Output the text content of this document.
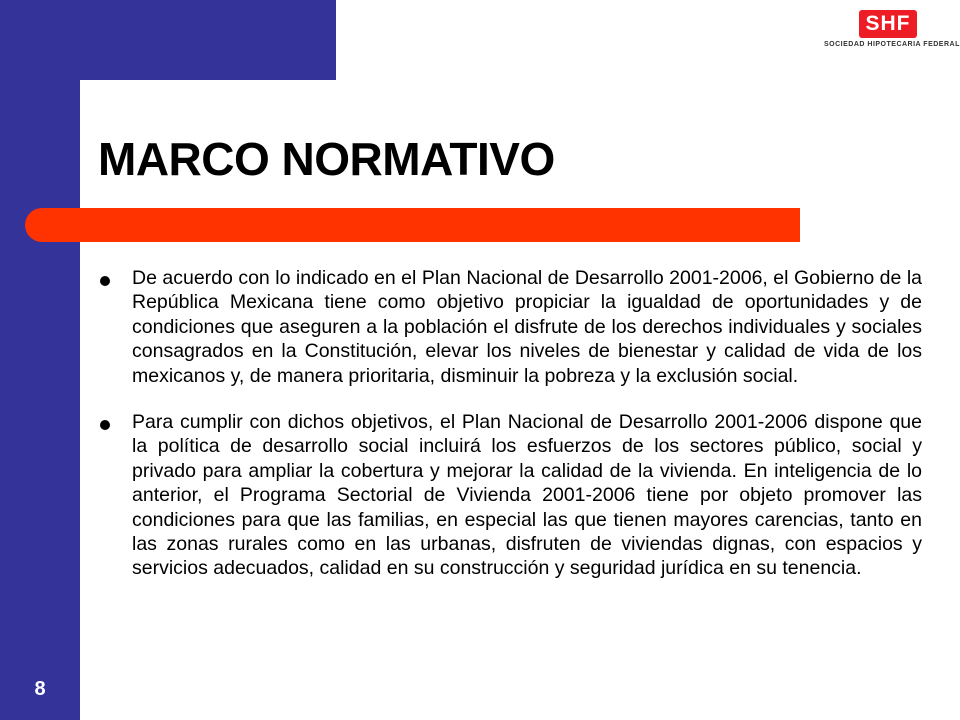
SHF
SOCIEDAD HIPOTECARIA FEDERAL
MARCO NORMATIVO

De acuerdo con lo indicado en el Plan Nacional de Desarrollo 2001-2006, el Gobierno de la República Mexicana tiene como objetivo propiciar la igualdad de oportunidades y de condiciones que aseguren a la población el disfrute de los derechos individuales y sociales consagrados en la Constitución, elevar los niveles de bienestar y calidad de vida de los mexicanos y, de manera prioritaria, disminuir la pobreza y la exclusión social.

Para cumplir con dichos objetivos, el Plan Nacional de Desarrollo 2001-2006 dispone que la política de desarrollo social incluirá los esfuerzos de los sectores público, social y privado para ampliar la cobertura y mejorar la calidad de la vivienda. En inteligencia de lo anterior, el Programa Sectorial de Vivienda 2001-2006 tiene por objeto promover las condiciones para que las familias, en especial las que tienen mayores carencias, tanto en las zonas rurales como en las urbanas, disfruten de viviendas dignas, con espacios y servicios adecuados, calidad en su construcción y seguridad jurídica en su tenencia.

8
